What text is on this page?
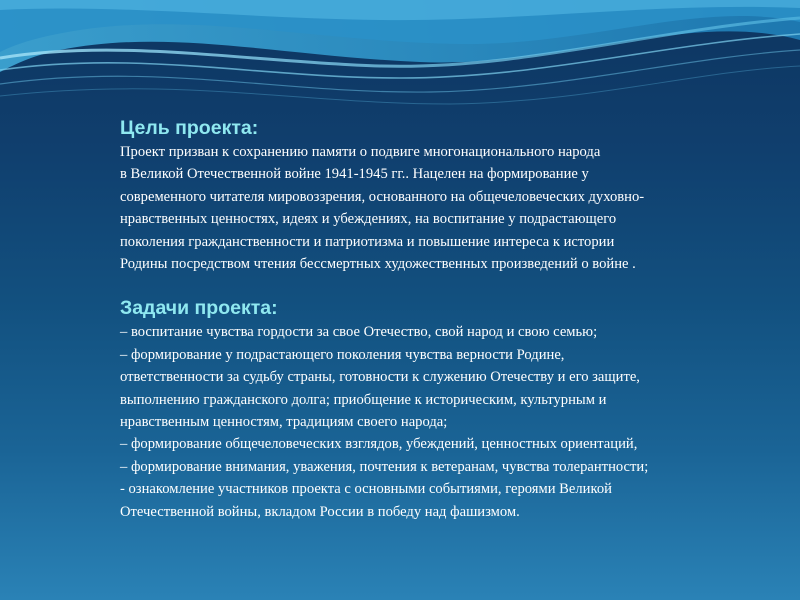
Цель проекта:
Проект призван к сохранению памяти о подвиге многонационального народа
в Великой Отечественной войне 1941-1945 гг.. Нацелен на формирование у
современного читателя мировоззрения, основанного на общечеловеческих духовно-
нравственных ценностях, идеях и убеждениях, на воспитание у подрастающего
поколения гражданственности и патриотизма и повышение интереса к истории
Родины посредством чтения бессмертных художественных произведений о войне .
Задачи проекта:
– воспитание чувства гордости за свое Отечество, свой народ и свою семью;
– формирование у подрастающего поколения чувства верности Родине,
ответственности за судьбу страны, готовности к служению Отечеству и его защите,
выполнению гражданского долга; приобщение к историческим, культурным и
нравственным ценностям, традициям своего народа;
– формирование общечеловеческих взглядов, убеждений, ценностных ориентаций,
– формирование внимания, уважения, почтения к ветеранам, чувства толерантности;
- ознакомление участников проекта с основными событиями, героями Великой
Отечественной войны, вкладом России в победу над фашизмом.
